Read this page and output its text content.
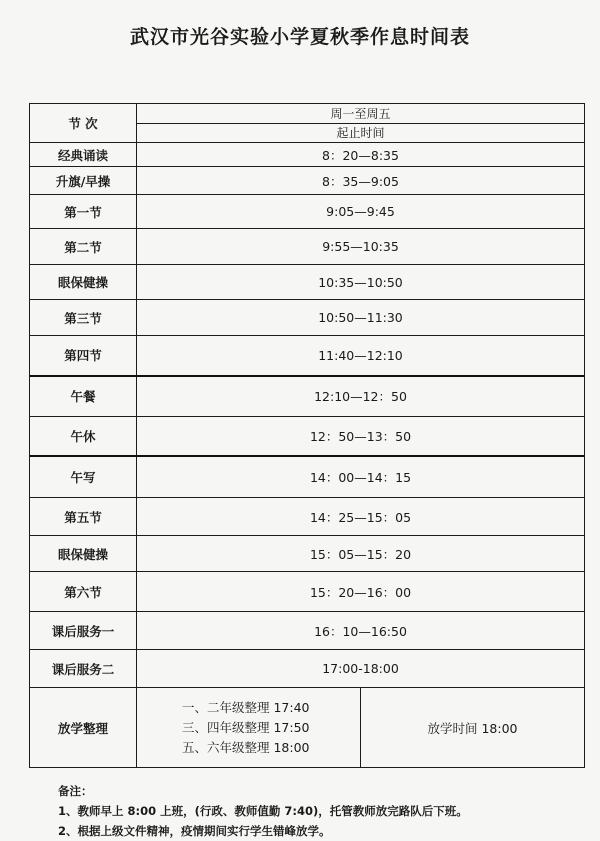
武汉市光谷实验小学夏秋季作息时间表
节 次	周一至周五	
	起止时间	
经典诵读	8：20—8:35	
升旗/早操	8：35—9:05	
第一节	9:05—9:45	
第二节	9:55—10:35	
眼保健操	10:35—10:50	
第三节	10:50—11:30	
第四节	11:40—12:10	
午餐	12:10—12：50	
午休	12：50—13：50	
午写	14：00—14：15	
第五节	14：25—15：05	
眼保健操	15：05—15：20	
第六节	15：20—16：00	
课后服务一	16：10—16:50	
课后服务二	17:00-18:00	
放学整理	一、二年级整理 17:40
三、四年级整理 17:50
五、六年级整理 18:00	放学时间 18:00
备注：
1、教师早上 8:00 上班，(行政、教师值勤 7:40)，托管教师放完路队后下班。
2、根据上级文件精神，疫情期间实行学生错峰放学。
